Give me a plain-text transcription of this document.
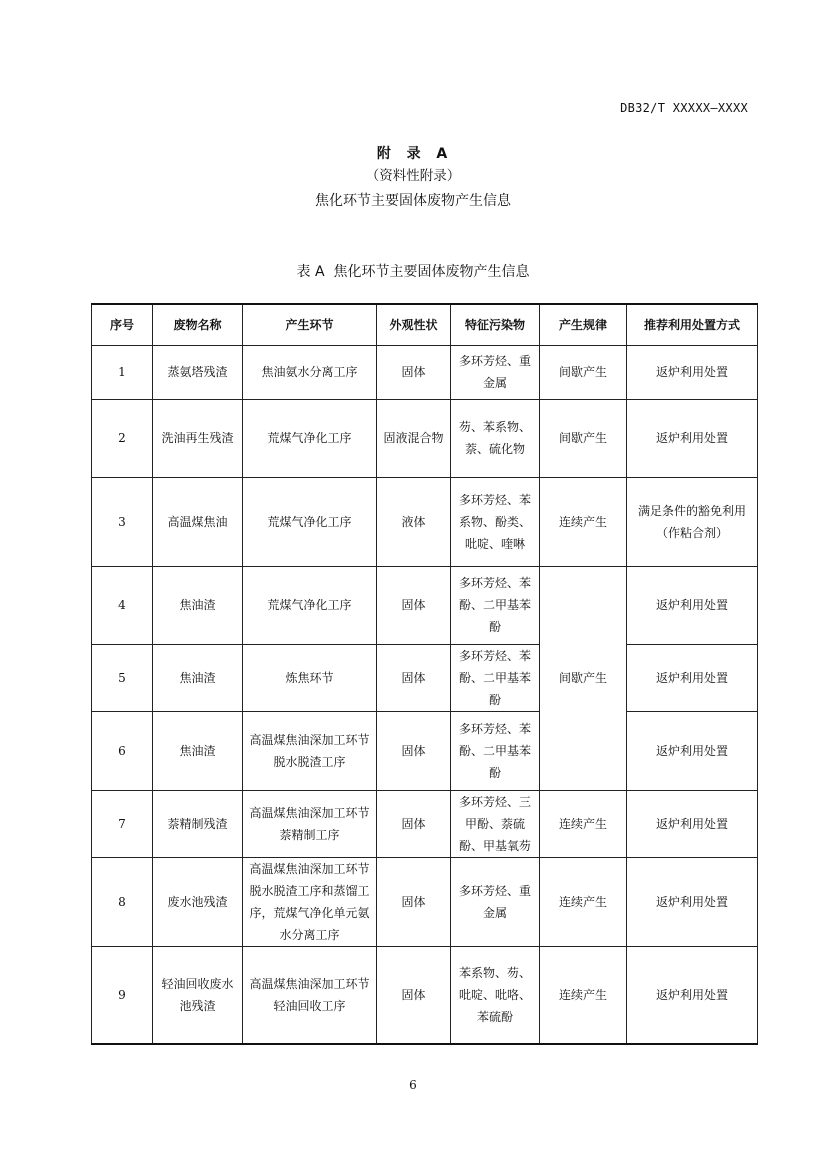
DB32/T XXXXX—XXXX
附  录  A
（资料性附录）
焦化环节主要固体废物产生信息
表 A  焦化环节主要固体废物产生信息
序号	废物名称	产生环节	外观性状	特征污染物	产生规律	推荐利用处置方式
1	蒸氨塔残渣	焦油氨水分离工序	固体	多环芳烃、重金属	间歇产生	返炉利用处置
2	洗油再生残渣	荒煤气净化工序	固液混合物	芴、苯系物、萘、硫化物	间歇产生	返炉利用处置
3	高温煤焦油	荒煤气净化工序	液体	多环芳烃、苯系物、酚类、吡啶、喹啉	连续产生	满足条件的豁免利用（作粘合剂）
4	焦油渣	荒煤气净化工序	固体	多环芳烃、苯酚、二甲基苯酚	间歇产生	返炉利用处置
5	焦油渣	炼焦环节	固体	多环芳烃、苯酚、二甲基苯酚		返炉利用处置
6	焦油渣	高温煤焦油深加工环节脱水脱渣工序	固体	多环芳烃、苯酚、二甲基苯酚		返炉利用处置
7	萘精制残渣	高温煤焦油深加工环节萘精制工序	固体	多环芳烃、三甲酚、萘硫酚、甲基氧芴	连续产生	返炉利用处置
8	废水池残渣	高温煤焦油深加工环节脱水脱渣工序和蒸馏工序，荒煤气净化单元氨水分离工序	固体	多环芳烃、重金属	连续产生	返炉利用处置
9	轻油回收废水池残渣	高温煤焦油深加工环节轻油回收工序	固体	苯系物、芴、吡啶、吡咯、苯硫酚	连续产生	返炉利用处置
6
